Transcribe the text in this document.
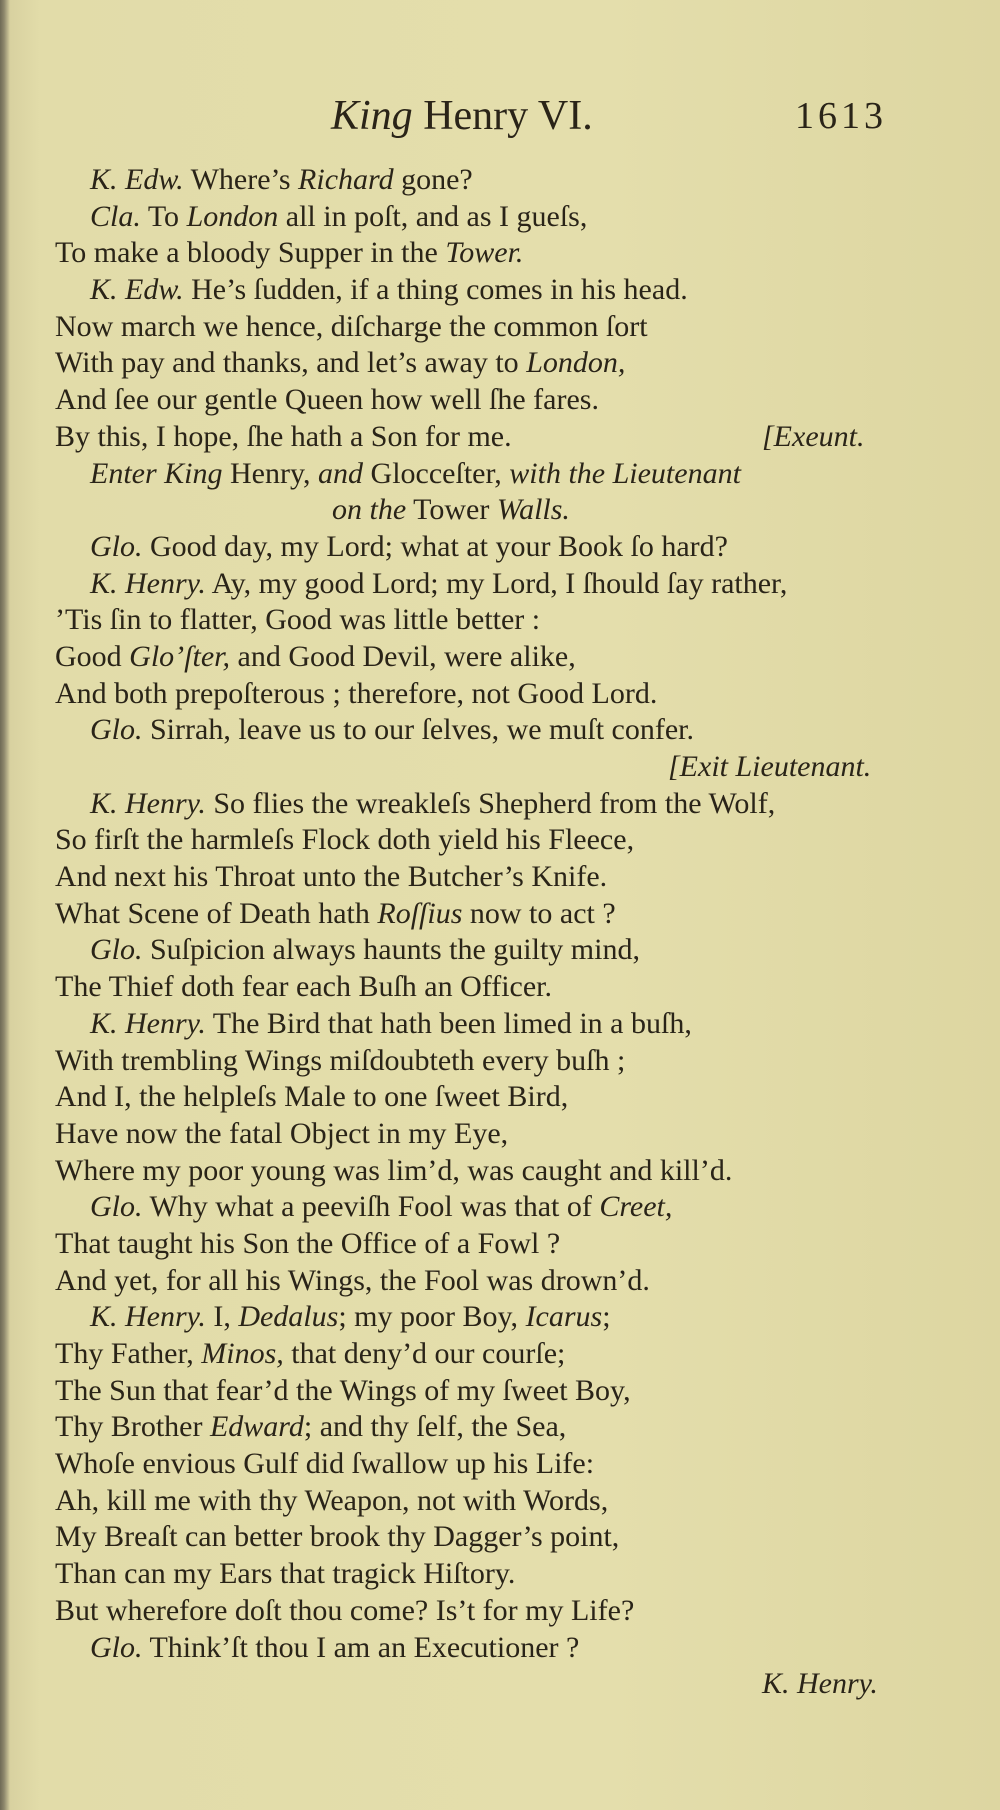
King Henry VI.	1613
K. Edw. Where’s Richard gone?
Cla. To London all in poſt, and as I gueſs,
To make a bloody Supper in the Tower.
K. Edw. He’s ſudden, if a thing comes in his head.
Now march we hence, diſcharge the common ſort
With pay and thanks, and let’s away to London,
And ſee our gentle Queen how well ſhe fares.
By this, I hope, ſhe hath a Son for me.	[Exeunt.
Enter King Henry, and Glocceſter, with the Lieutenant
on the Tower Walls.
Glo. Good day, my Lord; what at your Book ſo hard?
K. Henry. Ay, my good Lord; my Lord, I ſhould ſay rather,
’Tis ſin to flatter, Good was little better :
Good Glo’ſter, and Good Devil, were alike,
And both prepoſterous ; therefore, not Good Lord.
Glo. Sirrah, leave us to our ſelves, we muſt confer.
[Exit Lieutenant.
K. Henry. So flies the wreakleſs Shepherd from the Wolf,
So firſt the harmleſs Flock doth yield his Fleece,
And next his Throat unto the Butcher’s Knife.
What Scene of Death hath Roſſius now to act ?
Glo. Suſpicion always haunts the guilty mind,
The Thief doth fear each Buſh an Officer.
K. Henry. The Bird that hath been limed in a buſh,
With trembling Wings miſdoubteth every buſh ;
And I, the helpleſs Male to one ſweet Bird,
Have now the fatal Object in my Eye,
Where my poor young was lim’d, was caught and kill’d.
Glo. Why what a peeviſh Fool was that of Creet,
That taught his Son the Office of a Fowl ?
And yet, for all his Wings, the Fool was drown’d.
K. Henry. I, Dedalus; my poor Boy, Icarus;
Thy Father, Minos, that deny’d our courſe;
The Sun that fear’d the Wings of my ſweet Boy,
Thy Brother Edward; and thy ſelf, the Sea,
Whoſe envious Gulf did ſwallow up his Life:
Ah, kill me with thy Weapon, not with Words,
My Breaſt can better brook thy Dagger’s point,
Than can my Ears that tragick Hiſtory.
But wherefore doſt thou come? Is’t for my Life?
Glo. Think’ſt thou I am an Executioner ?
K. Henry.
